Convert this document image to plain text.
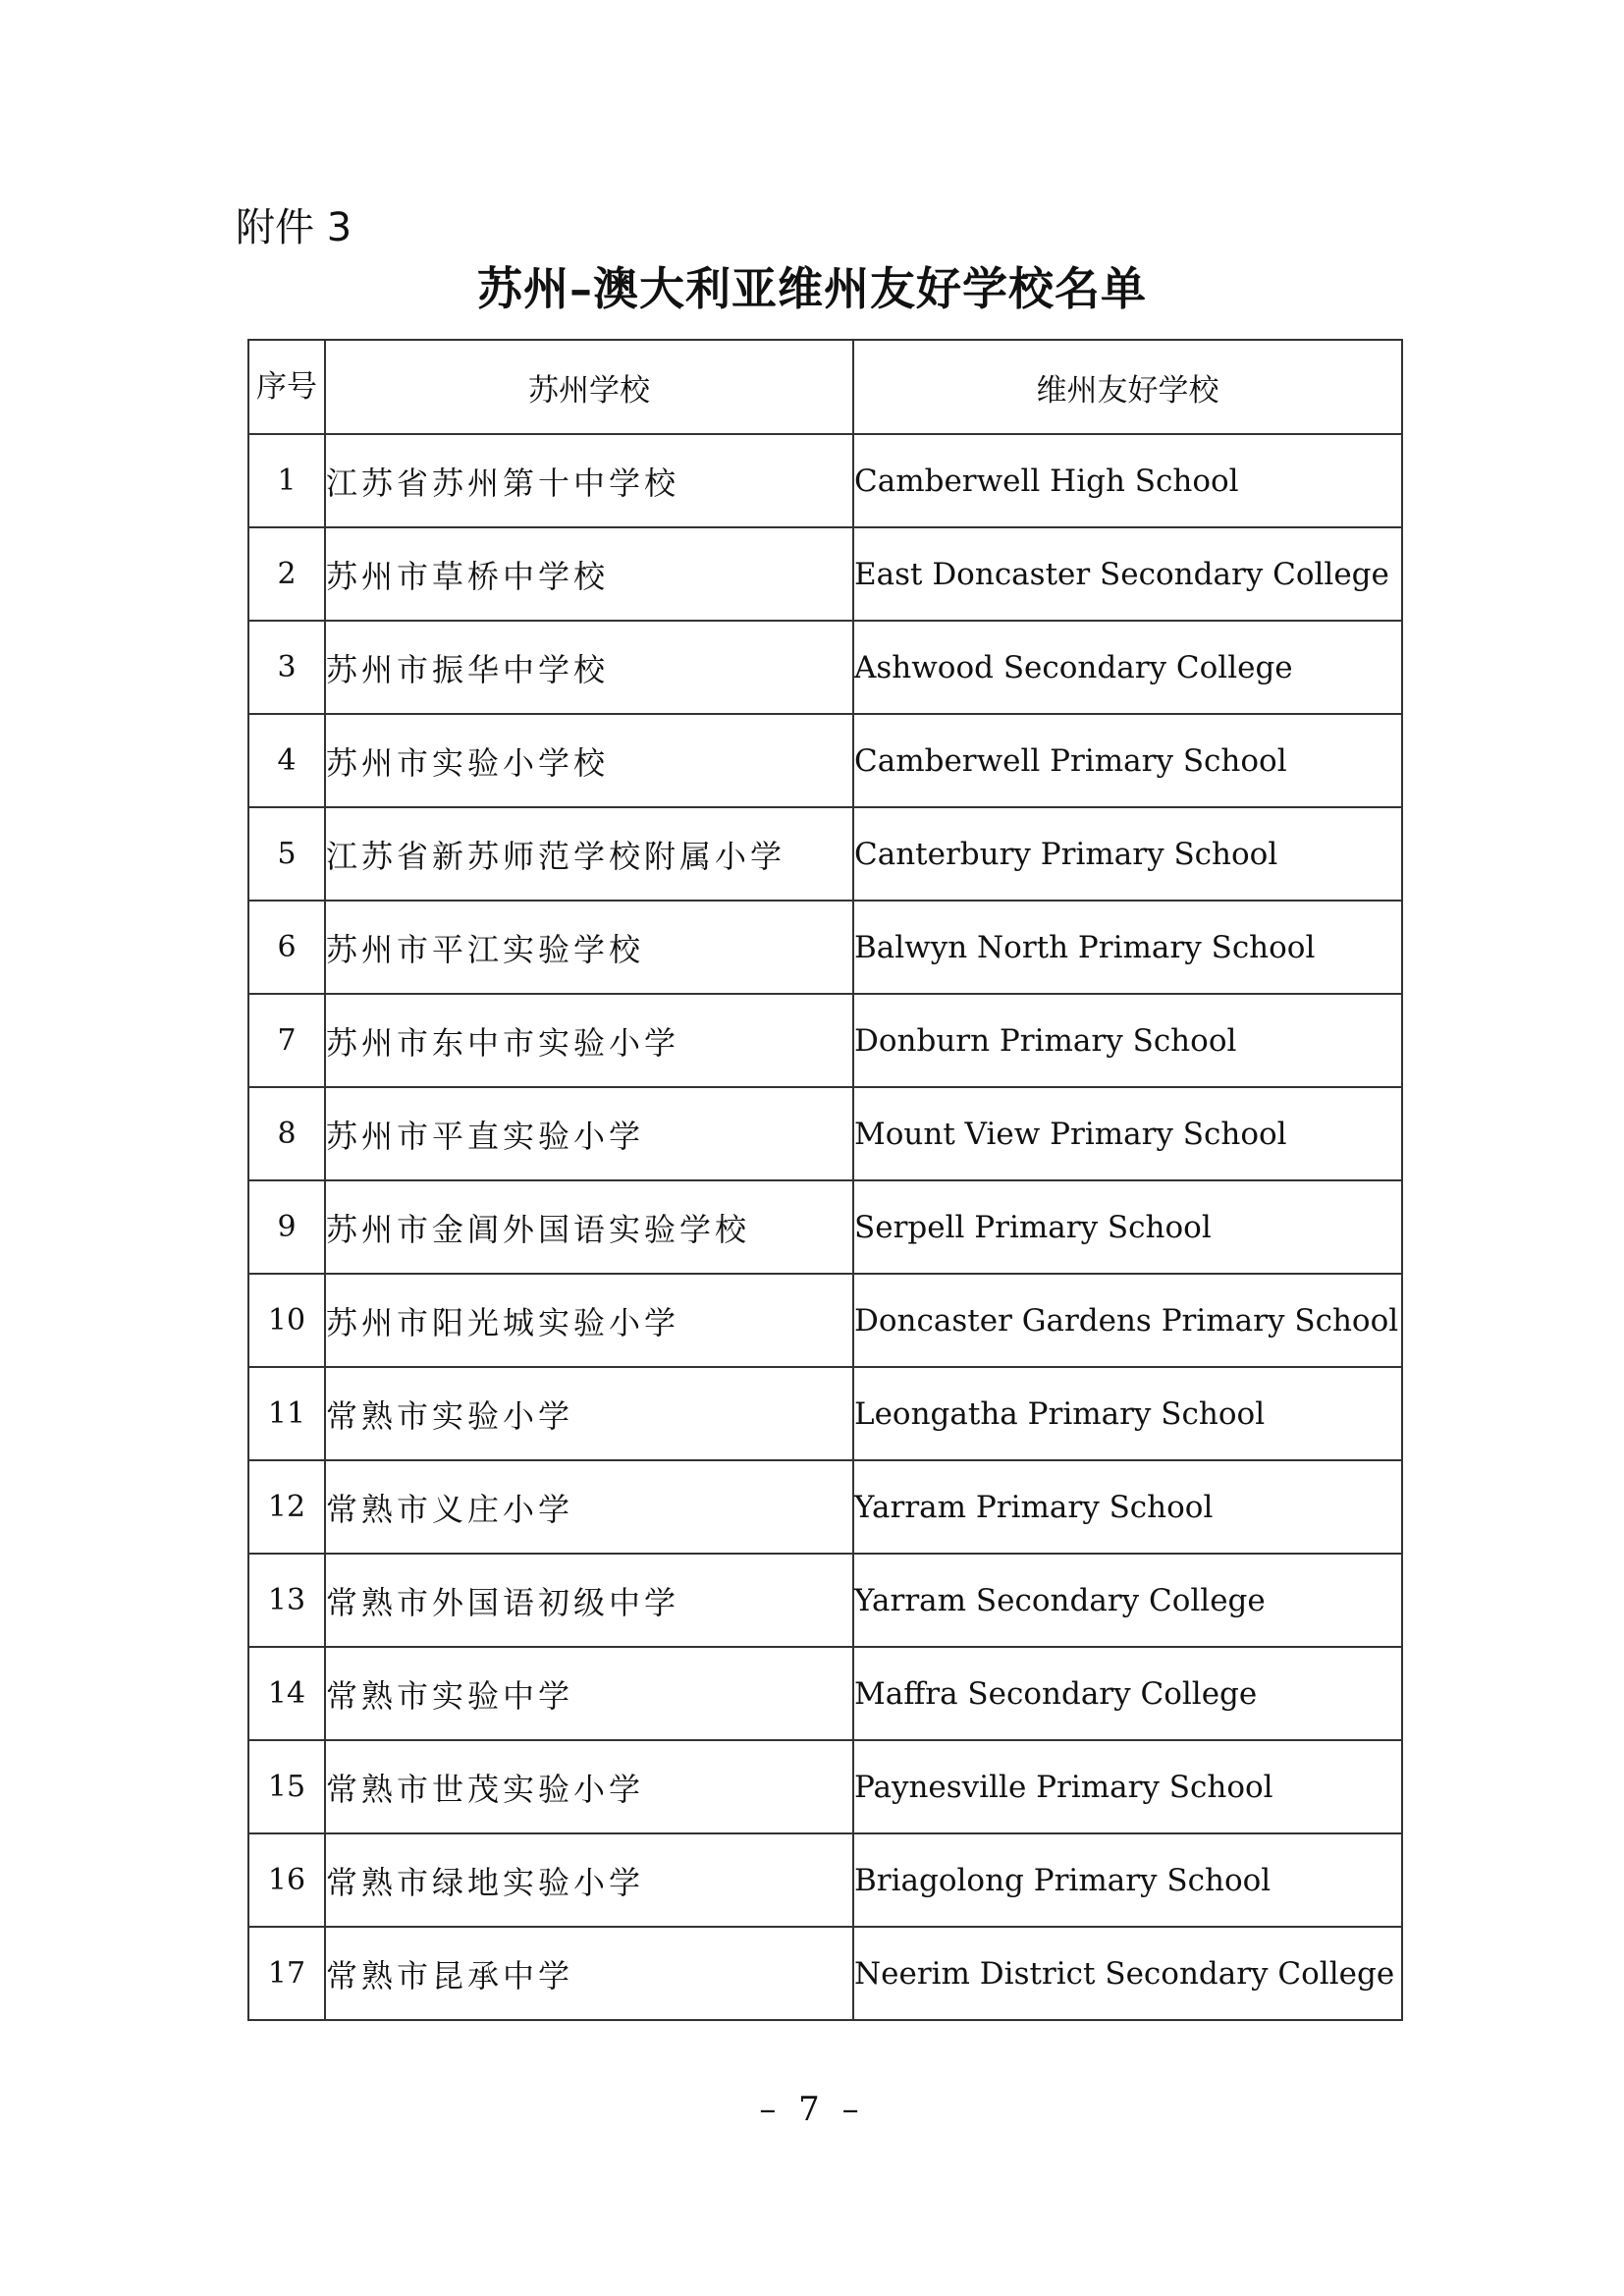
附件 3
苏州–澳大利亚维州友好学校名单
序号	苏州学校	维州友好学校
1	江苏省苏州第十中学校	Camberwell High School
2	苏州市草桥中学校	East Doncaster Secondary College
3	苏州市振华中学校	Ashwood Secondary College
4	苏州市实验小学校	Camberwell Primary School
5	江苏省新苏师范学校附属小学	Canterbury Primary School
6	苏州市平江实验学校	Balwyn North Primary School
7	苏州市东中市实验小学	Donburn Primary School
8	苏州市平直实验小学	Mount View Primary School
9	苏州市金阊外国语实验学校	Serpell Primary School
10	苏州市阳光城实验小学	Doncaster Gardens Primary School
11	常熟市实验小学	Leongatha Primary School
12	常熟市义庄小学	Yarram Primary School
13	常熟市外国语初级中学	Yarram Secondary College
14	常熟市实验中学	Maffra Secondary College
15	常熟市世茂实验小学	Paynesville Primary School
16	常熟市绿地实验小学	Briagolong Primary School
17	常熟市昆承中学	Neerim District Secondary College
– 7 –
